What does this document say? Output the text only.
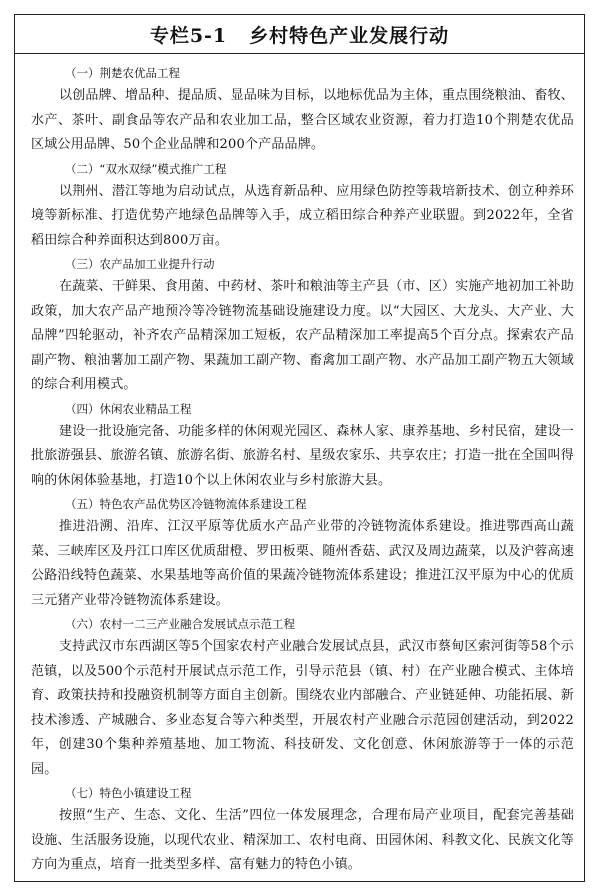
专栏5-1 乡村特色产业发展行动
（一）荆楚农优品工程

以创品牌、增品种、提品质、显品味为目标，以地标优品为主体，重点围绕粮油、畜牧、水产、茶叶、副食品等农产品和农业加工品，整合区域农业资源，着力打造10个荆楚农优品区域公用品牌、50个企业品牌和200个产品品牌。

（二）“双水双绿”模式推广工程

以荆州、潜江等地为启动试点，从选育新品种、应用绿色防控等栽培新技术、创立种养环境等新标准、打造优势产地绿色品牌等入手，成立稻田综合种养产业联盟。到2022年，全省稻田综合种养面积达到800万亩。

（三）农产品加工业提升行动

在蔬菜、干鲜果、食用菌、中药材、茶叶和粮油等主产县（市、区）实施产地初加工补助政策，加大农产品产地预冷等冷链物流基础设施建设力度。以“大园区、大龙头、大产业、大品牌”四轮驱动，补齐农产品精深加工短板，农产品精深加工率提高5个百分点。探索农产品副产物、粮油薯加工副产物、果蔬加工副产物、畜禽加工副产物、水产品加工副产物五大领域的综合利用模式。

（四）休闲农业精品工程

建设一批设施完备、功能多样的休闲观光园区、森林人家、康养基地、乡村民宿，建设一批旅游强县、旅游名镇、旅游名街、旅游名村、星级农家乐、共享农庄；打造一批在全国叫得响的休闲体验基地，打造10个以上休闲农业与乡村旅游大县。

（五）特色农产品优势区冷链物流体系建设工程

推进沿溯、沿库、江汉平原等优质水产品产业带的冷链物流体系建设。推进鄂西高山蔬菜、三峡库区及丹江口库区优质甜橙、罗田板栗、随州香菇、武汉及周边蔬菜，以及沪蓉高速公路沿线特色蔬菜、水果基地等高价值的果蔬冷链物流体系建设；推进江汉平原为中心的优质三元猪产业带冷链物流体系建设。

（六）农村一二三产业融合发展试点示范工程

支持武汉市东西湖区等5个国家农村产业融合发展试点县，武汉市蔡甸区索河街等58个示范镇，以及500个示范村开展试点示范工作，引导示范县（镇、村）在产业融合模式、主体培育、政策扶持和投融资机制等方面自主创新。围绕农业内部融合、产业链延伸、功能拓展、新技术渗透、产城融合、多业态复合等六种类型，开展农村产业融合示范园创建活动，到2022年，创建30个集种养殖基地、加工物流、科技研发、文化创意、休闲旅游等于一体的示范园。

（七）特色小镇建设工程

按照“生产、生态、文化、生活”四位一体发展理念，合理布局产业项目，配套完善基础设施、生活服务设施，以现代农业、精深加工、农村电商、田园休闲、科教文化、民族文化等方向为重点，培育一批类型多样、富有魅力的特色小镇。
